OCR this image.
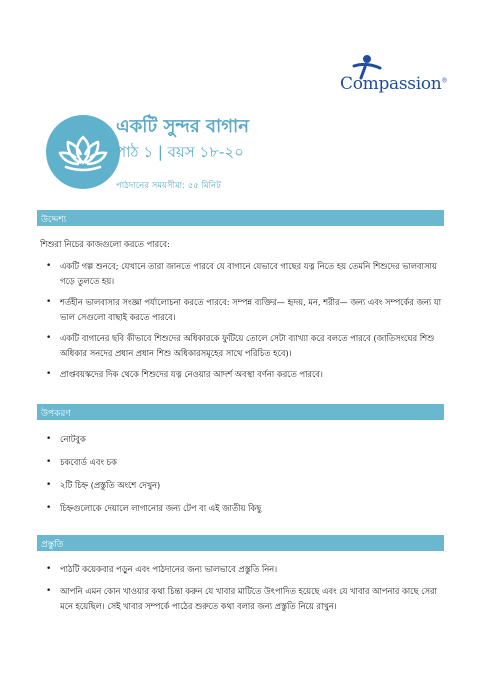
Compassion®
একটি সুন্দর বাগান
পাঠ ১ | বয়স ১৮-২০
পাঠদানের সময়সীমা: ৫৫ মিনিট
উদ্দেশ্য
শিশুরা নিচের কাজগুলো করতে পারবে:
• একটি গল্প শুনবে; যেখানে তারা জানতে পারবে যে বাগানে যেভাবে গাছের যত্ন নিতে হয় তেমনি শিশুদের ভালবাসায় গড়ে তুলতে হয়।
• শর্তহীন ভালবাসার সংজ্ঞা পর্যালোচনা করতে পারবে: সম্পন্ন ব্যক্তির— হৃদয়, মন, শরীর— জন্য এবং সম্পর্কের জন্য যা ভাল সেগুলো বাছাই করতে পারবে।
• একটি বাগানের ছবি কীভাবে শিশুদের অধিকারকে ফুটিয়ে তোলে সেটা ব্যাখ্যা করে বলতে পারবে (জাতিসংঘের শিশু অধিকার সনদের প্রধান প্রধান শিশু অধিকারসমূহের সাথে পরিচিত হবে)।
• প্রাপ্তবয়স্কদের দিক থেকে শিশুদের যত্ন নেওয়ার আদর্শ অবস্থা বর্ণনা করতে পারবে।
উপকরণ
• নোটবুক
• চকবোর্ড এবং চক
• ২টি চিহ্ন (প্রস্তুতি অংশে দেখুন)
• চিহ্নগুলোকে দেয়ালে লাগানোর জন্য টেপ বা এই জাতীয় কিছু
প্রস্তুতি
• পাঠটি কয়েকবার পড়ুন এবং পাঠদানের জন্য ভালভাবে প্রস্তুতি নিন।
• আপনি এমন কোন খাওয়ার কথা চিন্তা করুন যে খাবার মাটিতে উৎপাদিত হয়েছে এবং যে খাবার আপনার কাছে সেরা মনে হয়েছিল। সেই খাবার সম্পর্কে পাঠের শুরুতে কথা বলার জন্য প্রস্তুতি নিয়ে রাখুন।
